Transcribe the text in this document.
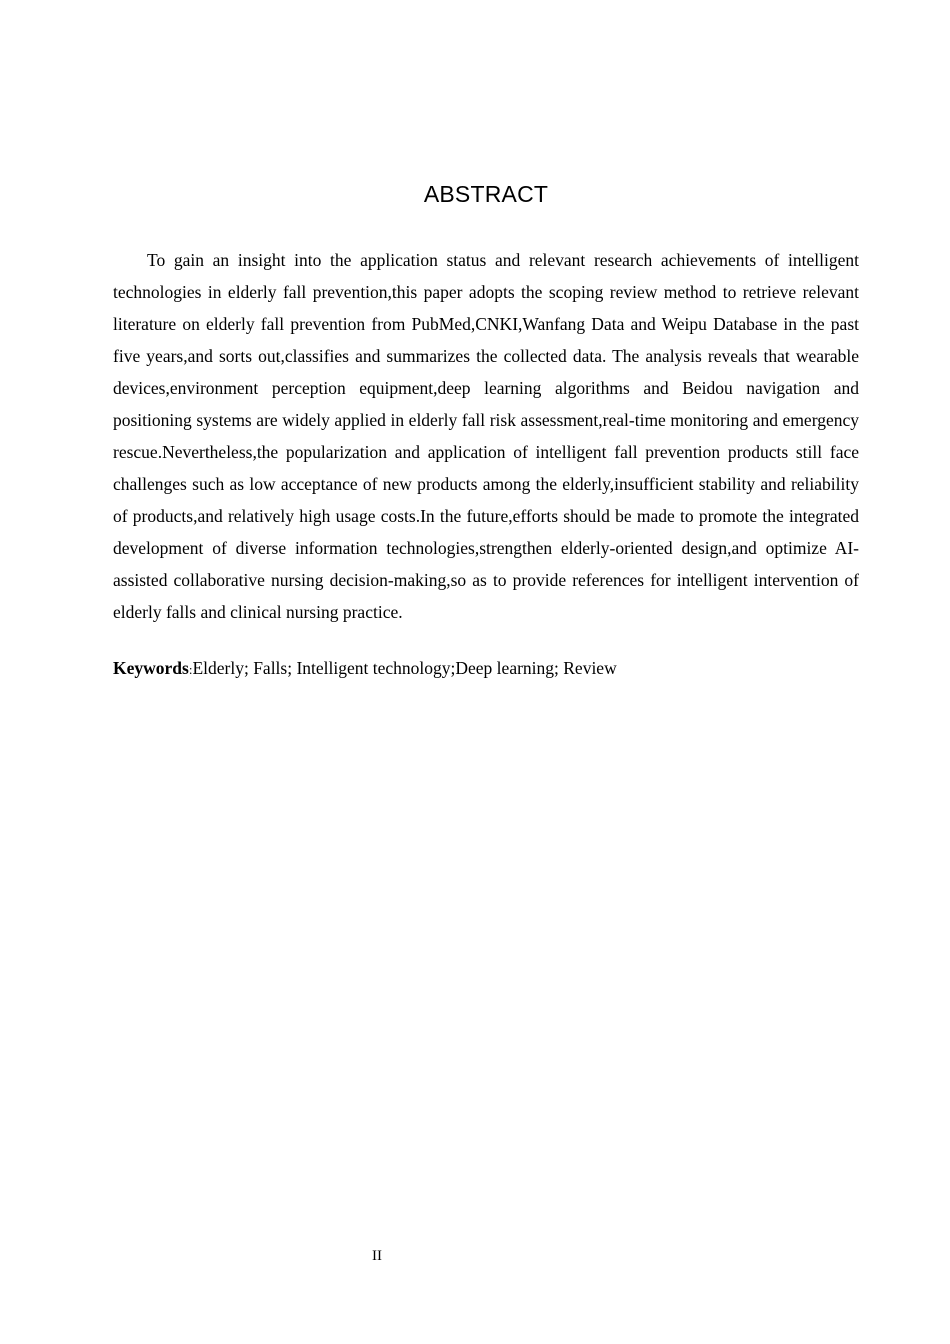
ABSTRACT

To gain an insight into the application status and relevant research achievements of intelligent technologies in elderly fall prevention,this paper adopts the scoping review method to retrieve relevant literature on elderly fall prevention from PubMed,CNKI,Wanfang Data and Weipu Database in the past five years,and sorts out,classifies and summarizes the collected data. The analysis reveals that wearable devices,environment perception equipment,deep learning algorithms and Beidou navigation and positioning systems are widely applied in elderly fall risk assessment,real-time monitoring and emergency rescue.Nevertheless,the popularization and application of intelligent fall prevention products still face challenges such as low acceptance of new products among the elderly,insufficient stability and reliability of products,and relatively high usage costs.In the future,efforts should be made to promote the integrated development of diverse information technologies,strengthen elderly-oriented design,and optimize AI-assisted collaborative nursing decision-making,so as to provide references for intelligent intervention of elderly falls and clinical nursing practice.

Keywords:Elderly; Falls; Intelligent technology;Deep learning; Review

II
